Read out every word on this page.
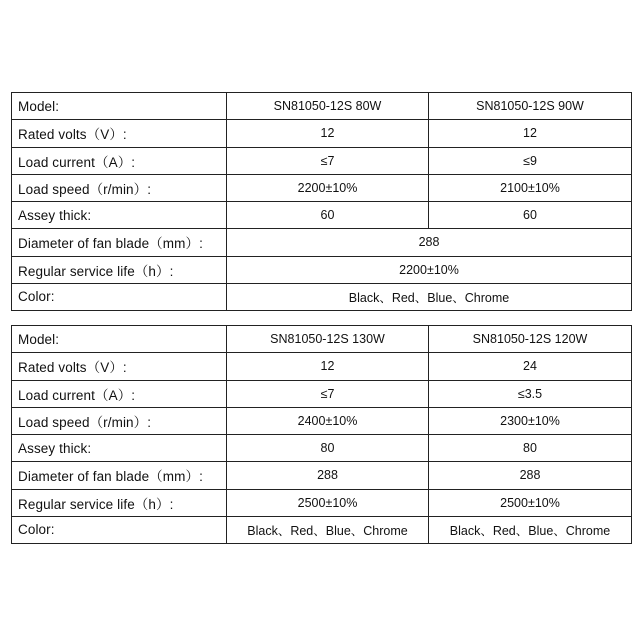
Model:	SN81050-12S 80W	SN81050-12S 90W
Rated volts（V）:	12	12
Load current（A）:	≤7	≤9
Load speed（r/min）:	2200±10%	2100±10%
Assey thick:	60	60
Diameter of fan blade（mm）:	288	
Regular service life（h）:	2200±10%	
Color:	Black、Red、Blue、Chrome	
Model:	SN81050-12S 130W	SN81050-12S 120W
Rated volts（V）:	12	24
Load current（A）:	≤7	≤3.5
Load speed（r/min）:	2400±10%	2300±10%
Assey thick:	80	80
Diameter of fan blade（mm）:	288	288
Regular service life（h）:	2500±10%	2500±10%
Color:	Black、Red、Blue、Chrome	Black、Red、Blue、Chrome
